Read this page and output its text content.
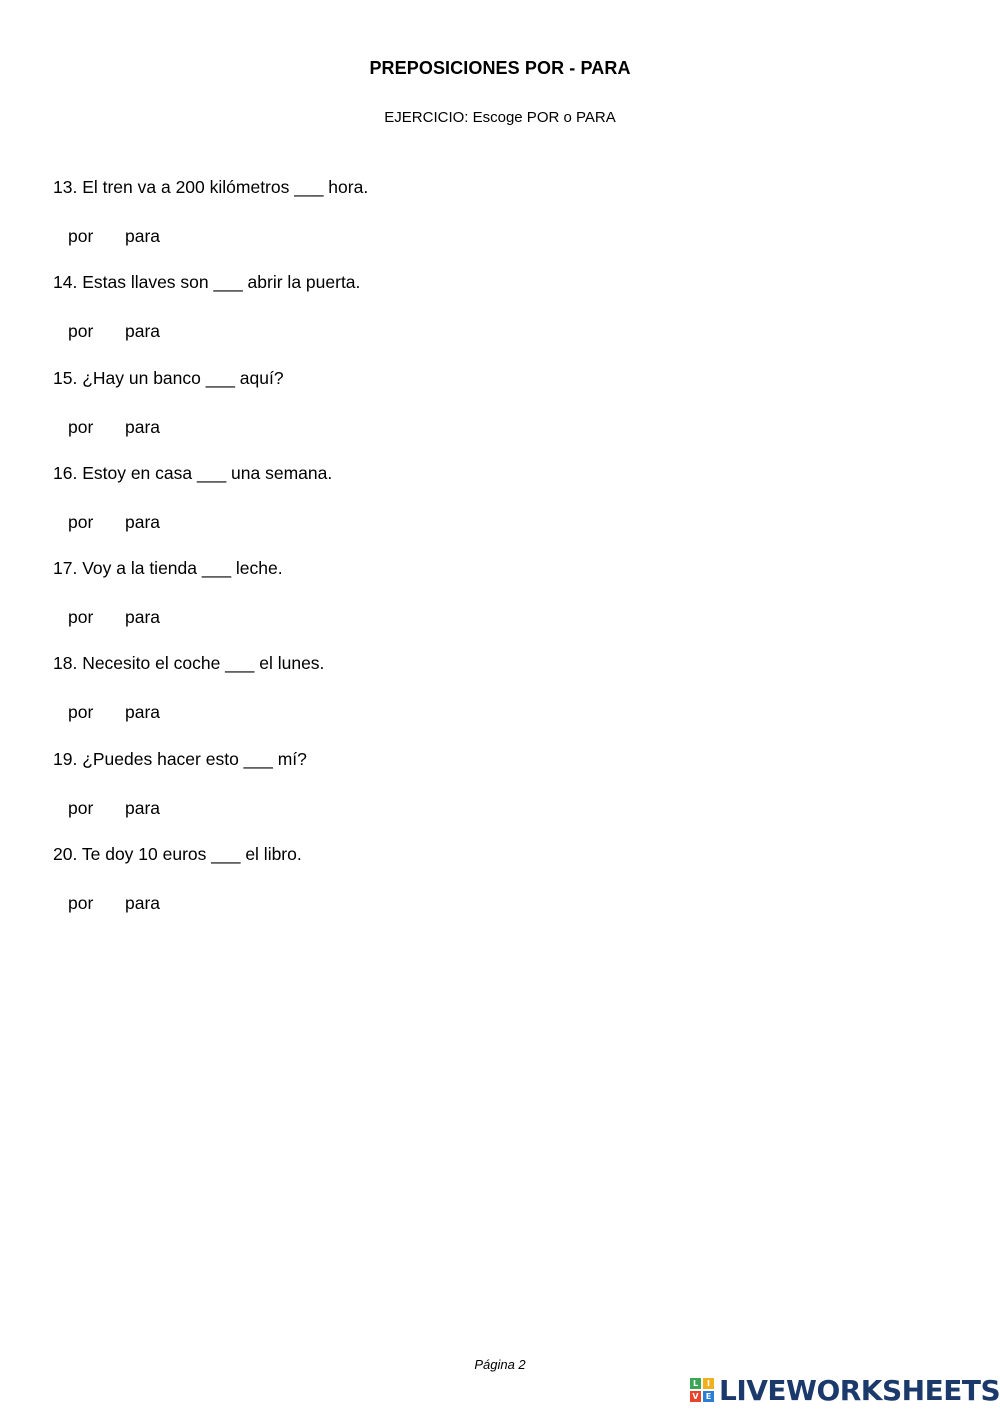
PREPOSICIONES POR - PARA
EJERCICIO: Escoge POR o PARA
13. El tren va a 200 kilómetros ___ hora.
por para
14. Estas llaves son ___ abrir la puerta.
por para
15. ¿Hay un banco ___ aquí?
por para
16. Estoy en casa ___ una semana.
por para
17. Voy a la tienda ___ leche.
por para
18. Necesito el coche ___ el lunes.
por para
19. ¿Puedes hacer esto ___ mí?
por para
20. Te doy 10 euros ___ el libro.
por para
Página 2
L	I
V E LIVEWORKSHEETS
